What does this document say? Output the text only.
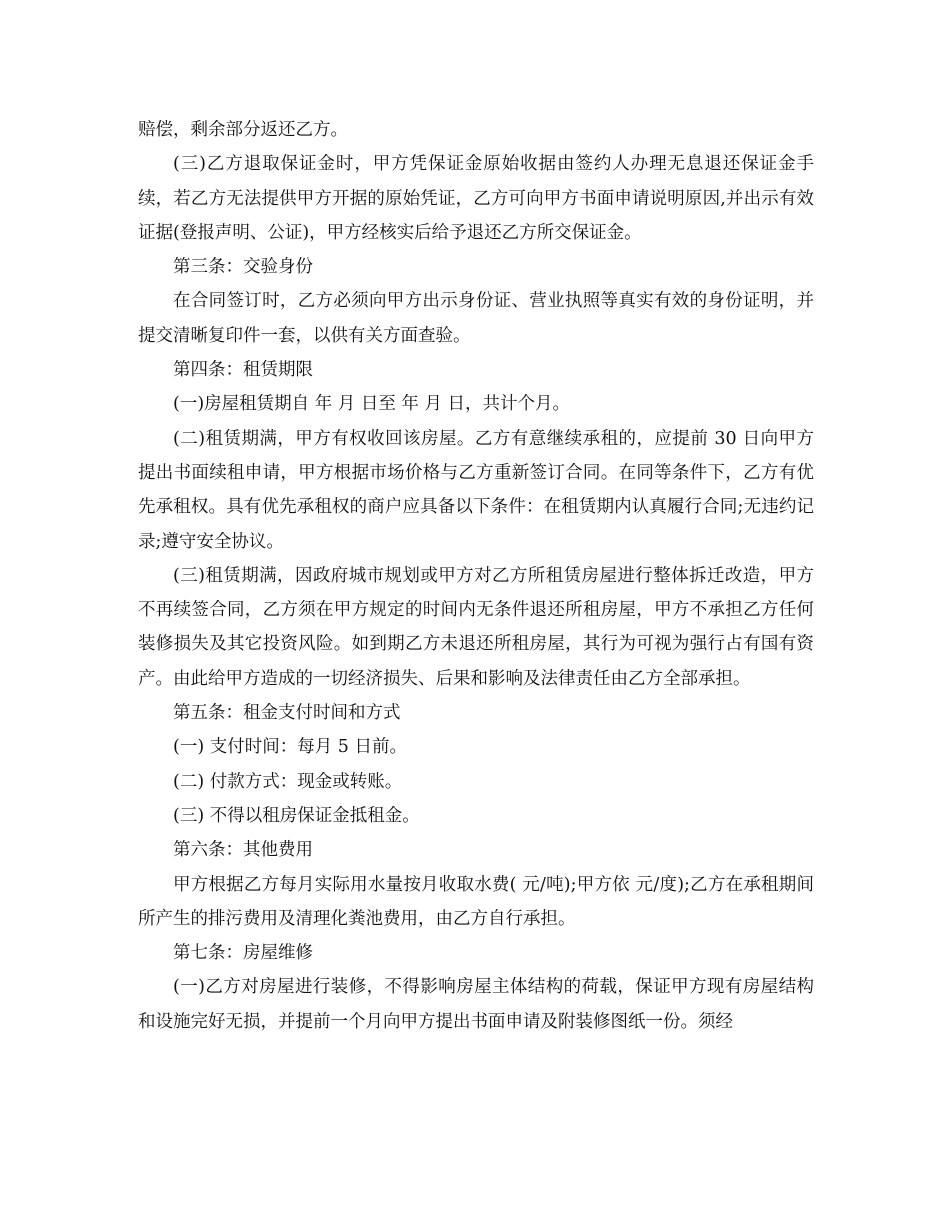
赔偿，剩余部分返还乙方。

(三)乙方退取保证金时，甲方凭保证金原始收据由签约人办理无息退还保证金手续，若乙方无法提供甲方开据的原始凭证，乙方可向甲方书面申请说明原因,并出示有效证据(登报声明、公证)，甲方经核实后给予退还乙方所交保证金。

第三条：交验身份

在合同签订时，乙方必须向甲方出示身份证、营业执照等真实有效的身份证明，并提交清晰复印件一套，以供有关方面查验。

第四条：租赁期限

(一)房屋租赁期自 年 月 日至 年 月 日，共计个月。

(二)租赁期满，甲方有权收回该房屋。乙方有意继续承租的，应提前 30 日向甲方提出书面续租申请，甲方根据市场价格与乙方重新签订合同。在同等条件下，乙方有优先承租权。具有优先承租权的商户应具备以下条件：在租赁期内认真履行合同;无违约记录;遵守安全协议。

(三)租赁期满，因政府城市规划或甲方对乙方所租赁房屋进行整体拆迁改造，甲方不再续签合同，乙方须在甲方规定的时间内无条件退还所租房屋，甲方不承担乙方任何装修损失及其它投资风险。如到期乙方未退还所租房屋，其行为可视为强行占有国有资产。由此给甲方造成的一切经济损失、后果和影响及法律责任由乙方全部承担。

第五条：租金支付时间和方式

(一) 支付时间：每月 5 日前。

(二) 付款方式：现金或转账。

(三) 不得以租房保证金抵租金。

第六条：其他费用

甲方根据乙方每月实际用水量按月收取水费( 元/吨);甲方依 元/度);乙方在承租期间所产生的排污费用及清理化粪池费用，由乙方自行承担。

第七条：房屋维修

(一)乙方对房屋进行装修，不得影响房屋主体结构的荷载，保证甲方现有房屋结构和设施完好无损，并提前一个月向甲方提出书面申请及附装修图纸一份。须经
